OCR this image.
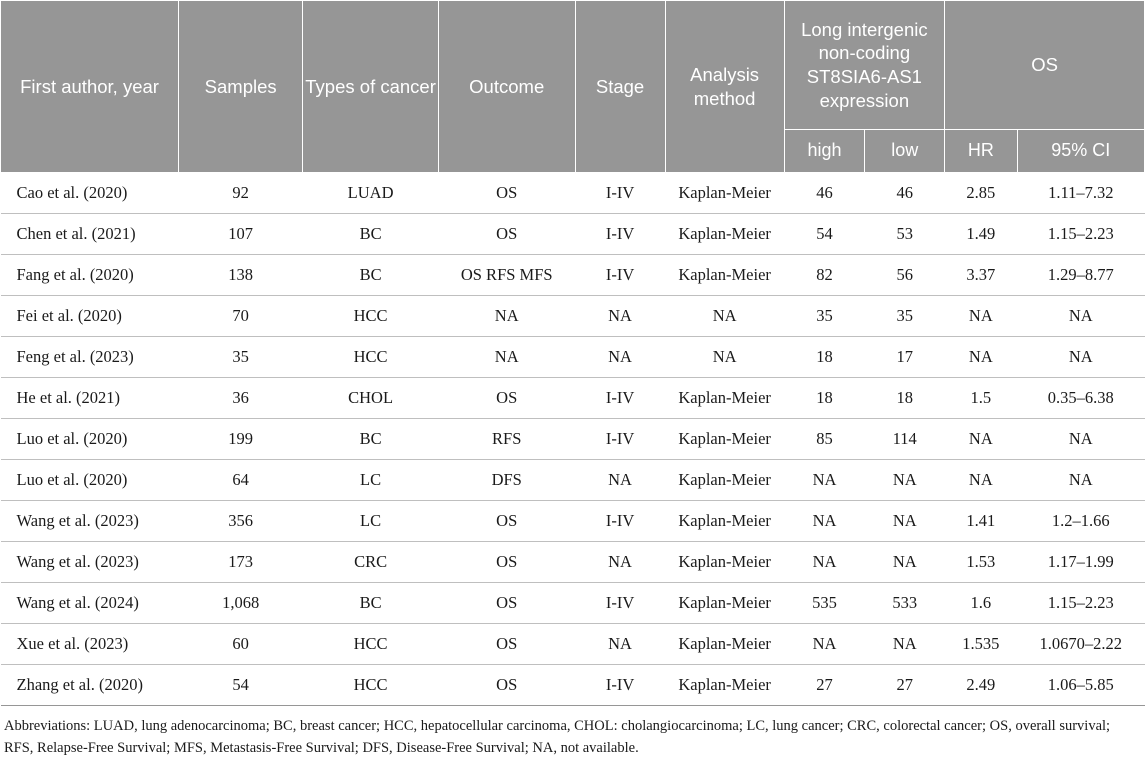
First author, year	Samples	Types of cancer	Outcome	Stage	Analysis method	Long intergenic non-coding ST8SIA6-AS1 expression		OS	
						high	low	HR	95% CI
Cao et al. (2020)	92	LUAD	OS	I-IV	Kaplan-Meier	46	46	2.85	1.11–7.32
Chen et al. (2021)	107	BC	OS	I-IV	Kaplan-Meier	54	53	1.49	1.15–2.23
Fang et al. (2020)	138	BC	OS RFS MFS	I-IV	Kaplan-Meier	82	56	3.37	1.29–8.77
Fei et al. (2020)	70	HCC	NA	NA	NA	35	35	NA	NA
Feng et al. (2023)	35	HCC	NA	NA	NA	18	17	NA	NA
He et al. (2021)	36	CHOL	OS	I-IV	Kaplan-Meier	18	18	1.5	0.35–6.38
Luo et al. (2020)	199	BC	RFS	I-IV	Kaplan-Meier	85	114	NA	NA
Luo et al. (2020)	64	LC	DFS	NA	Kaplan-Meier	NA	NA	NA	NA
Wang et al. (2023)	356	LC	OS	I-IV	Kaplan-Meier	NA	NA	1.41	1.2–1.66
Wang et al. (2023)	173	CRC	OS	NA	Kaplan-Meier	NA	NA	1.53	1.17–1.99
Wang et al. (2024)	1,068	BC	OS	I-IV	Kaplan-Meier	535	533	1.6	1.15–2.23
Xue et al. (2023)	60	HCC	OS	NA	Kaplan-Meier	NA	NA	1.535	1.0670–2.22
Zhang et al. (2020)	54	HCC	OS	I-IV	Kaplan-Meier	27	27	2.49	1.06–5.85
Abbreviations: LUAD, lung adenocarcinoma; BC, breast cancer; HCC, hepatocellular carcinoma, CHOL: cholangiocarcinoma; LC, lung cancer; CRC, colorectal cancer; OS, overall survival; RFS, Relapse-Free Survival; MFS, Metastasis-Free Survival; DFS, Disease-Free Survival; NA, not available.
